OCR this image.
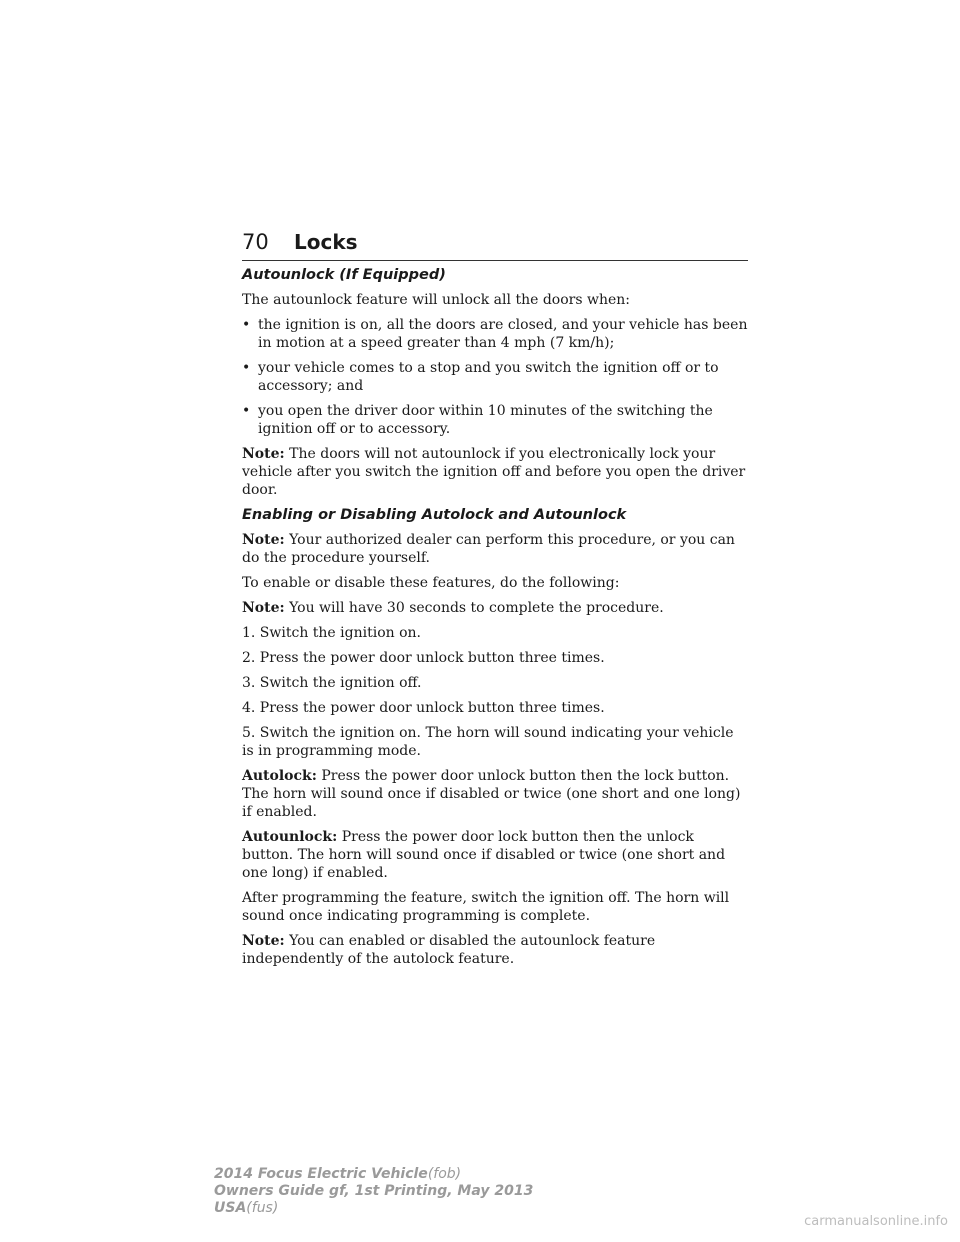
70 Locks
Autounlock (If Equipped)
The autounlock feature will unlock all the doors when:
• the ignition is on, all the doors are closed, and your vehicle has been in motion at a speed greater than 4 mph (7 km/h);
• your vehicle comes to a stop and you switch the ignition off or to accessory; and
• you open the driver door within 10 minutes of the switching the ignition off or to accessory.
Note: The doors will not autounlock if you electronically lock your vehicle after you switch the ignition off and before you open the driver door.
Enabling or Disabling Autolock and Autounlock
Note: Your authorized dealer can perform this procedure, or you can do the procedure yourself.
To enable or disable these features, do the following:
Note: You will have 30 seconds to complete the procedure.
1. Switch the ignition on.
2. Press the power door unlock button three times.
3. Switch the ignition off.
4. Press the power door unlock button three times.
5. Switch the ignition on. The horn will sound indicating your vehicle is in programming mode.
Autolock: Press the power door unlock button then the lock button. The horn will sound once if disabled or twice (one short and one long) if enabled.
Autounlock: Press the power door lock button then the unlock button. The horn will sound once if disabled or twice (one short and one long) if enabled.
After programming the feature, switch the ignition off. The horn will sound once indicating programming is complete.
Note: You can enabled or disabled the autounlock feature independently of the autolock feature.
2014 Focus Electric Vehicle(fob)
Owners Guide gf, 1st Printing, May 2013
USA(fus)
carmanualsonline.info
